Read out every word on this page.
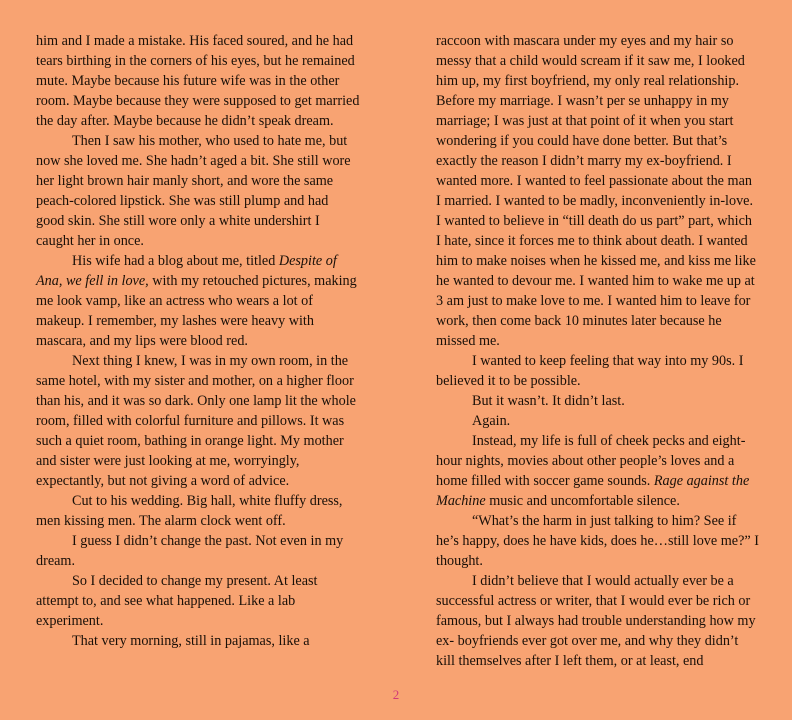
him and I made a mistake. His faced soured, and he had tears birthing in the corners of his eyes, but he remained mute. Maybe because his future wife was in the other room. Maybe because they were supposed to get married the day after. Maybe because he didn’t speak dream.

Then I saw his mother, who used to hate me, but now she loved me. She hadn’t aged a bit. She still wore her light brown hair manly short, and wore the same peach-colored lipstick. She was still plump and had good skin. She still wore only a white undershirt I caught her in once.

His wife had a blog about me, titled Despite of Ana, we fell in love, with my retouched pictures, making me look vamp, like an actress who wears a lot of makeup. I remember, my lashes were heavy with mascara, and my lips were blood red.

Next thing I knew, I was in my own room, in the same hotel, with my sister and mother, on a higher floor than his, and it was so dark. Only one lamp lit the whole room, filled with colorful furniture and pillows. It was such a quiet room, bathing in orange light. My mother and sister were just looking at me, worryingly, expectantly, but not giving a word of advice.

Cut to his wedding. Big hall, white fluffy dress, men kissing men. The alarm clock went off.

I guess I didn’t change the past. Not even in my dream.

So I decided to change my present. At least attempt to, and see what happened. Like a lab experiment.

That very morning, still in pajamas, like a

raccoon with mascara under my eyes and my hair so messy that a child would scream if it saw me, I looked him up, my first boyfriend, my only real relationship. Before my marriage. I wasn’t per se unhappy in my marriage; I was just at that point of it when you start wondering if you could have done better. But that’s exactly the reason I didn’t marry my ex-boyfriend. I wanted more. I wanted to feel passionate about the man I married. I wanted to be madly, inconveniently in-love. I wanted to believe in “till death do us part” part, which I hate, since it forces me to think about death. I wanted him to make noises when he kissed me, and kiss me like he wanted to devour me. I wanted him to wake me up at 3 am just to make love to me. I wanted him to leave for work, then come back 10 minutes later because he missed me.

I wanted to keep feeling that way into my 90s. I believed it to be possible.

But it wasn’t. It didn’t last.

Again.

Instead, my life is full of cheek pecks and eight-hour nights, movies about other people’s loves and a home filled with soccer game sounds. Rage against the Machine music and uncomfortable silence.

“What’s the harm in just talking to him? See if he’s happy, does he have kids, does he…still love me?” I thought.

I didn’t believe that I would actually ever be a successful actress or writer, that I would ever be rich or famous, but I always had trouble understanding how my ex- boyfriends ever got over me, and why they didn’t kill themselves after I left them, or at least, end

2
